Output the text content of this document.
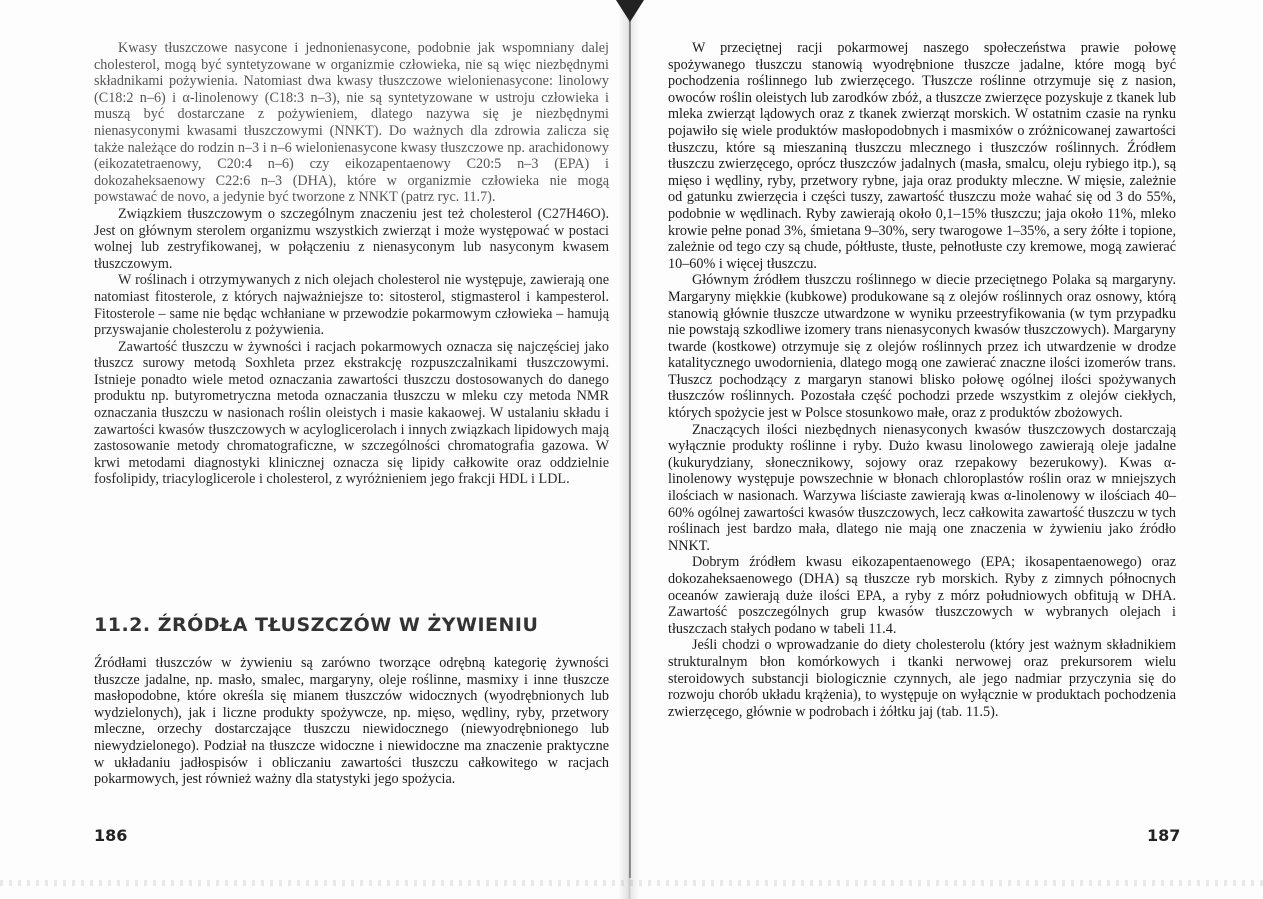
Kwasy tłuszczowe nasycone i jednonienasycone, podobnie jak wspomniany dalej cholesterol, mogą być syntetyzowane w organizmie człowieka, nie są więc niezbędnymi składnikami pożywienia. Natomiast dwa kwasy tłuszczowe wielonienasycone: linolowy (C18:2 n–6) i α-linolenowy (C18:3 n–3), nie są syntetyzowane w ustroju człowieka i muszą być dostarczane z pożywieniem, dlatego nazywa się je niezbędnymi nienasyconymi kwasami tłuszczowymi (NNKT). Do ważnych dla zdrowia zalicza się także należące do rodzin n–3 i n–6 wielonienasycone kwasy tłuszczowe np. arachidonowy (eikozatetraenowy, C20:4 n–6) czy eikozapentaenowy C20:5 n–3 (EPA) i dokozaheksaenowy C22:6 n–3 (DHA), które w organizmie człowieka nie mogą powstawać de novo, a jedynie być tworzone z NNKT (patrz ryc. 11.7).

Związkiem tłuszczowym o szczególnym znaczeniu jest też cholesterol (C27H46O). Jest on głównym sterolem organizmu wszystkich zwierząt i może występować w postaci wolnej lub zestryfikowanej, w połączeniu z nienasyconym lub nasyconym kwasem tłuszczowym.

W roślinach i otrzymywanych z nich olejach cholesterol nie występuje, zawierają one natomiast fitosterole, z których najważniejsze to: sitosterol, stigmasterol i kampesterol. Fitosterole – same nie będąc wchłaniane w przewodzie pokarmowym człowieka – hamują przyswajanie cholesterolu z pożywienia.

Zawartość tłuszczu w żywności i racjach pokarmowych oznacza się najczęściej jako tłuszcz surowy metodą Soxhleta przez ekstrakcję rozpuszczalnikami tłuszczowymi. Istnieje ponadto wiele metod oznaczania zawartości tłuszczu dostosowanych do danego produktu np. butyrometryczna metoda oznaczania tłuszczu w mleku czy metoda NMR oznaczania tłuszczu w nasionach roślin oleistych i masie kakaowej. W ustalaniu składu i zawartości kwasów tłuszczowych w acyloglicerolach i innych związkach lipidowych mają zastosowanie metody chromatograficzne, w szczególności chromatografia gazowa. W krwi metodami diagnostyki klinicznej oznacza się lipidy całkowite oraz oddzielnie fosfolipidy, triacyloglicerole i cholesterol, z wyróżnieniem jego frakcji HDL i LDL.

11.2. ŹRÓDŁA TŁUSZCZÓW W ŻYWIENIU

Źródłami tłuszczów w żywieniu są zarówno tworzące odrębną kategorię żywności tłuszcze jadalne, np. masło, smalec, margaryny, oleje roślinne, masmixy i inne tłuszcze masłopodobne, które określa się mianem tłuszczów widocznych (wyodrębnionych lub wydzielonych), jak i liczne produkty spożywcze, np. mięso, wędliny, ryby, przetwory mleczne, orzechy dostarczające tłuszczu niewidocznego (niewyodrębnionego lub niewydzielonego). Podział na tłuszcze widoczne i niewidoczne ma znaczenie praktyczne w układaniu jadłospisów i obliczaniu zawartości tłuszczu całkowitego w racjach pokarmowych, jest również ważny dla statystyki jego spożycia.

186

W przeciętnej racji pokarmowej naszego społeczeństwa prawie połowę spożywanego tłuszczu stanowią wyodrębnione tłuszcze jadalne, które mogą być pochodzenia roślinnego lub zwierzęcego. Tłuszcze roślinne otrzymuje się z nasion, owoców roślin oleistych lub zarodków zbóż, a tłuszcze zwierzęce pozyskuje z tkanek lub mleka zwierząt lądowych oraz z tkanek zwierząt morskich. W ostatnim czasie na rynku pojawiło się wiele produktów masłopodobnych i masmixów o zróżnicowanej zawartości tłuszczu, które są mieszaniną tłuszczu mlecznego i tłuszczów roślinnych. Źródłem tłuszczu zwierzęcego, oprócz tłuszczów jadalnych (masła, smalcu, oleju rybiego itp.), są mięso i wędliny, ryby, przetwory rybne, jaja oraz produkty mleczne. W mięsie, zależnie od gatunku zwierzęcia i części tuszy, zawartość tłuszczu może wahać się od 3 do 55%, podobnie w wędlinach. Ryby zawierają około 0,1–15% tłuszczu; jaja około 11%, mleko krowie pełne ponad 3%, śmietana 9–30%, sery twarogowe 1–35%, a sery żółte i topione, zależnie od tego czy są chude, półtłuste, tłuste, pełnotłuste czy kremowe, mogą zawierać 10–60% i więcej tłuszczu.

Głównym źródłem tłuszczu roślinnego w diecie przeciętnego Polaka są margaryny. Margaryny miękkie (kubkowe) produkowane są z olejów roślinnych oraz osnowy, którą stanowią głównie tłuszcze utwardzone w wyniku przeestryfikowania (w tym przypadku nie powstają szkodliwe izomery trans nienasyconych kwasów tłuszczowych). Margaryny twarde (kostkowe) otrzymuje się z olejów roślinnych przez ich utwardzenie w drodze katalitycznego uwodornienia, dlatego mogą one zawierać znaczne ilości izomerów trans. Tłuszcz pochodzący z margaryn stanowi blisko połowę ogólnej ilości spożywanych tłuszczów roślinnych. Pozostała część pochodzi przede wszystkim z olejów ciekłych, których spożycie jest w Polsce stosunkowo małe, oraz z produktów zbożowych.

Znaczących ilości niezbędnych nienasyconych kwasów tłuszczowych dostarczają wyłącznie produkty roślinne i ryby. Dużo kwasu linolowego zawierają oleje jadalne (kukurydziany, słonecznikowy, sojowy oraz rzepakowy bezerukowy). Kwas α-linolenowy występuje powszechnie w błonach chloroplastów roślin oraz w mniejszych ilościach w nasionach. Warzywa liściaste zawierają kwas α-linolenowy w ilościach 40–60% ogólnej zawartości kwasów tłuszczowych, lecz całkowita zawartość tłuszczu w tych roślinach jest bardzo mała, dlatego nie mają one znaczenia w żywieniu jako źródło NNKT.

Dobrym źródłem kwasu eikozapentaenowego (EPA; ikosapentaenowego) oraz dokozaheksaenowego (DHA) są tłuszcze ryb morskich. Ryby z zimnych północnych oceanów zawierają duże ilości EPA, a ryby z mórz południowych obfitują w DHA. Zawartość poszczególnych grup kwasów tłuszczowych w wybranych olejach i tłuszczach stałych podano w tabeli 11.4.

Jeśli chodzi o wprowadzanie do diety cholesterolu (który jest ważnym składnikiem strukturalnym błon komórkowych i tkanki nerwowej oraz prekursorem wielu steroidowych substancji biologicznie czynnych, ale jego nadmiar przyczynia się do rozwoju chorób układu krążenia), to występuje on wyłącznie w produktach pochodzenia zwierzęcego, głównie w podrobach i żółtku jaj (tab. 11.5).

187
